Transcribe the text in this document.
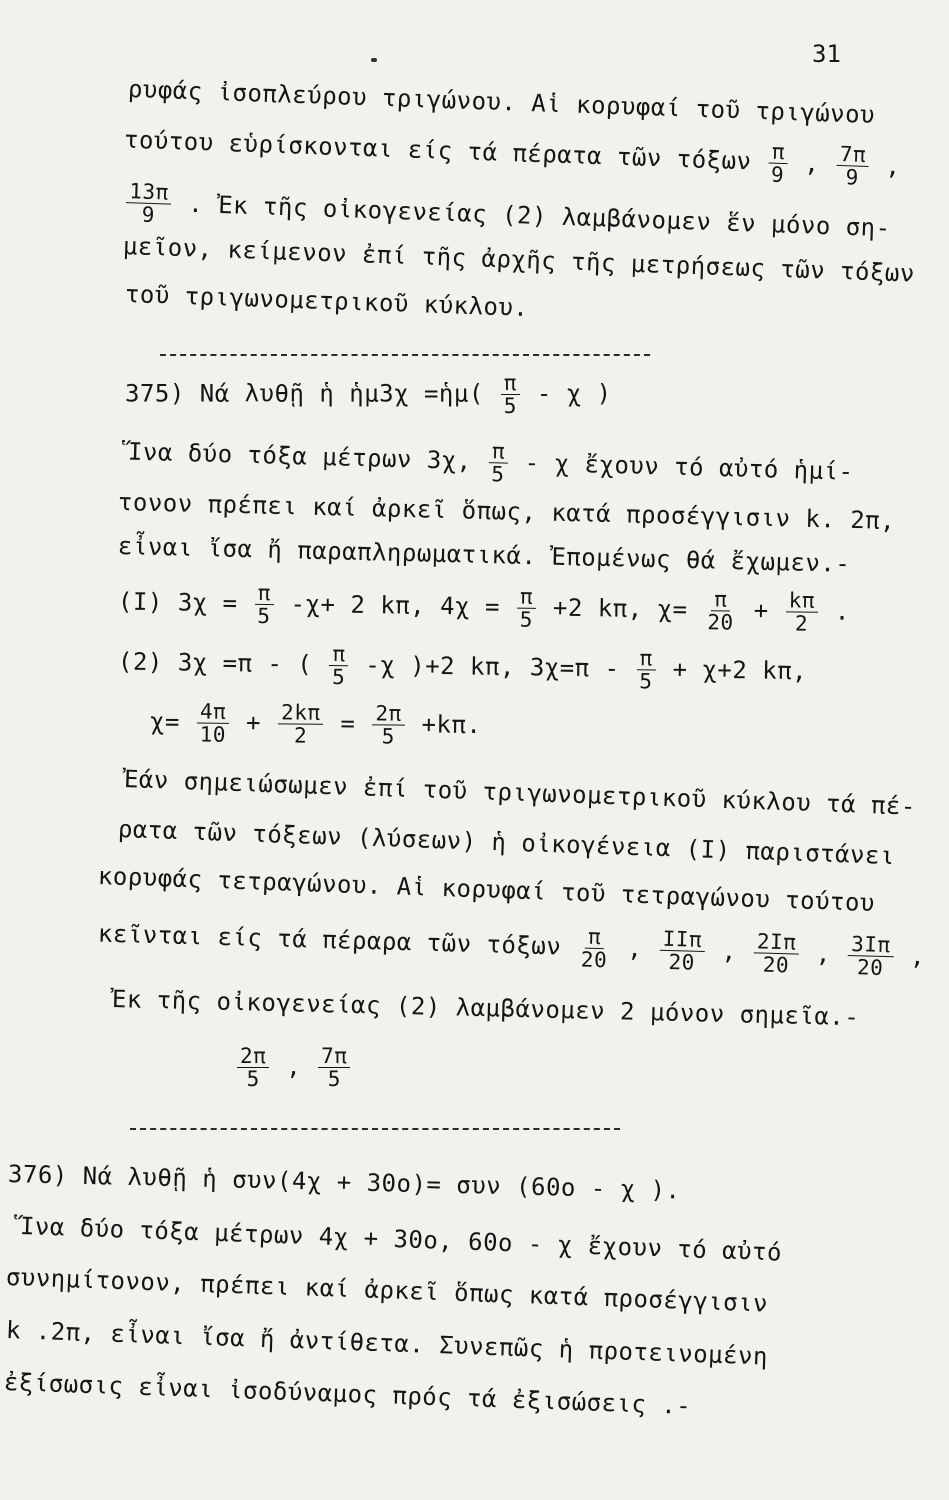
31
ρυφάς ἰσοπλεύρου τριγώνου. Αἱ κορυφαί τοῦ τριγώνου
τούτου εὑρίσκονται είς τά πέρατα τῶν τόξων $\frac{\pi}{9}$ , $\frac{7\pi}{9}$ ,
$\frac{13\pi}{9}$ . Ἐκ τῆς οἰκογενείας (2) λαμβάνομεν ἕν μόνο ση-
μεῖον, κείμενον ἐπί τῆς ἀρχῆς τῆς μετρήσεως τῶν τόξων
τοῦ τριγωνομετρικοῦ κύκλου.
375) Νά λυθῇ ἡ ἡμ3χ =ἡμ( $\frac{\pi}{5}$ - χ )
Ἵνα δύο τόξα μέτρων 3χ, $\frac{\pi}{5}$ - χ ἔχουν τό αὐτό ἡμί-
τονον πρέπει καί ἀρκεῖ ὅπως, κατά προσέγγισιν k. 2π,
εἶναι ἴσα ἤ παραπληρωματικά. Ἐπομένως θά ἔχωμεν.-
(I) $3\chi = \frac{\pi}{5} -\chi+ 2$ kπ, $4\chi = \frac{\pi}{5} +2$ kπ, $\chi= \frac{\pi}{20} + \frac{k\pi}{2}$ .
(2) 3χ =π - ( $\frac{\pi}{5} -\chi$ )+2 kπ, $3\chi=\pi - \frac{\pi}{5} + \chi+2$ kπ,
$\chi= \frac{4\pi}{10} + \frac{2k\pi}{2} = \frac{2\pi}{5} +k\pi$.
Ἐάν σημειώσωμεν ἐπί τοῦ τριγωνομετρικοῦ κύκλου τά πέ-
ρατα τῶν τόξεων (λύσεων) ἡ οἰκογένεια (I) παριστάνει
κορυφάς τετραγώνου. Αἱ κορυφαί τοῦ τετραγώνου τούτου
κεῖνται είς τά πέραρα τῶν τόξων $\frac{\pi}{20}$ , $\frac{\text{IIπ}}{20}$ , $\frac{2I\pi}{20}$ , $\frac{3I\pi}{20}$ ,
Ἐκ τῆς οἰκογενείας (2) λαμβάνομεν 2 μόνον σημεῖα.-
$\frac{2\pi}{5}$ , $\frac{7\pi}{5}$
376) Νά λυθῇ ἡ συν(4χ + 30ο)= συν (60ο - χ ).
Ἵνα δύο τόξα μέτρων 4χ + 30ο, 60ο - χ ἔχουν τό αὐτό
συνημίτονον, πρέπει καί ἀρκεῖ ὅπως κατά προσέγγισιν
k .2π, εἶναι ἴσα ἤ ἀντίθετα. Συνεπῶς ἡ προτεινομένη
ἐξίσωσις εἶναι ἰσοδύναμος πρός τά ἐξισώσεις .-
